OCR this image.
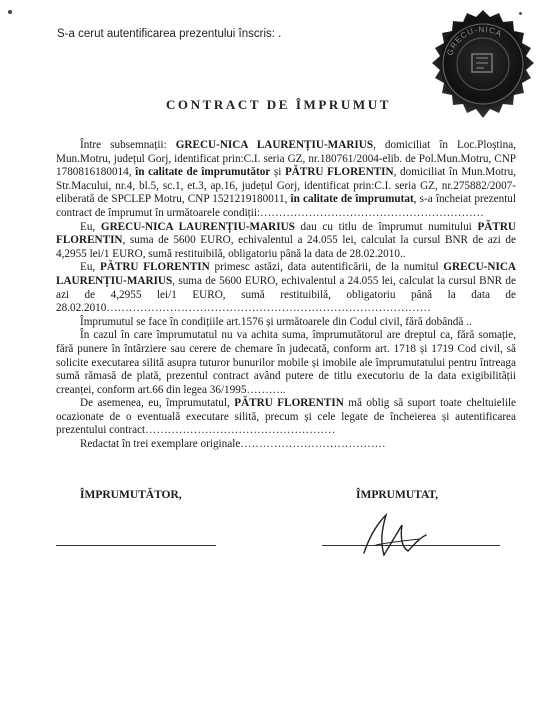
S-a cerut autentificarea prezentului înscris: .
GRECU-NICA
CONTRACT DE ÎMPRUMUT

Între subsemnații: GRECU-NICA LAURENȚIU-MARIUS, domiciliat în Loc.Ploștina, Mun.Motru, județul Gorj, identificat prin:C.I. seria GZ, nr.180761/2004-elib. de Pol.Mun.Motru, CNP 1780816180014, în calitate de împrumutător și PĂTRU FLORENTIN, domiciliat în Mun.Motru, Str.Macului, nr.4, bl.5, sc.1, et.3, ap.16, județul Gorj, identificat prin:C.I. seria GZ, nr.275882/2007-eliberată de SPCLEP Motru, CNP 1521219180011, în calitate de împrumutat, s-a încheiat prezentul contract de împrumut în următoarele condiții:……………………………………………………

Eu, GRECU-NICA LAURENȚIU-MARIUS dau cu titlu de împrumut numitului PĂTRU FLORENTIN, suma de 5600 EURO, echivalentul a 24.055 lei, calculat la cursul BNR de azi de 4,2955 lei/1 EURO, sumă restituibilă, obligatoriu până la data de 28.02.2010..

Eu, PĂTRU FLORENTIN primesc astăzi, data autentificării, de la numitul GRECU-NICA LAURENȚIU-MARIUS, suma de 5600 EURO, echivalentul a 24.055 lei, calculat la cursul BNR de azi de 4,2955 lei/1 EURO, sumă restituibilă, obligatoriu până la data de 28.02.2010……………………………………………………………………………

Împrumutul se face în condițiile art.1576 și următoarele din Codul civil, fără dobândă ..

În cazul în care împrumutatul nu va achita suma, împrumutătorul are dreptul ca, fără somație, fără punere în întârziere sau cerere de chemare în judecată, conform art. 1718 și 1719 Cod civil, să solicite executarea silită asupra tuturor bunurilor mobile și imobile ale împrumutatului pentru întreaga sumă rămasă de plată, prezentul contract având putere de titlu executoriu de la data exigibilității creanței, conform art.66 din legea 36/1995………..

De asemenea, eu, împrumutatul, PĂTRU FLORENTIN mă oblig să suport toate cheltuielile ocazionate de o eventuală executare silită, precum și cele legate de încheierea și autentificarea prezentului contract……………………………………………

Redactat în trei exemplare originale…………………………………

ÎMPRUMUTĂTOR,	ÎMPRUMUTAT,
